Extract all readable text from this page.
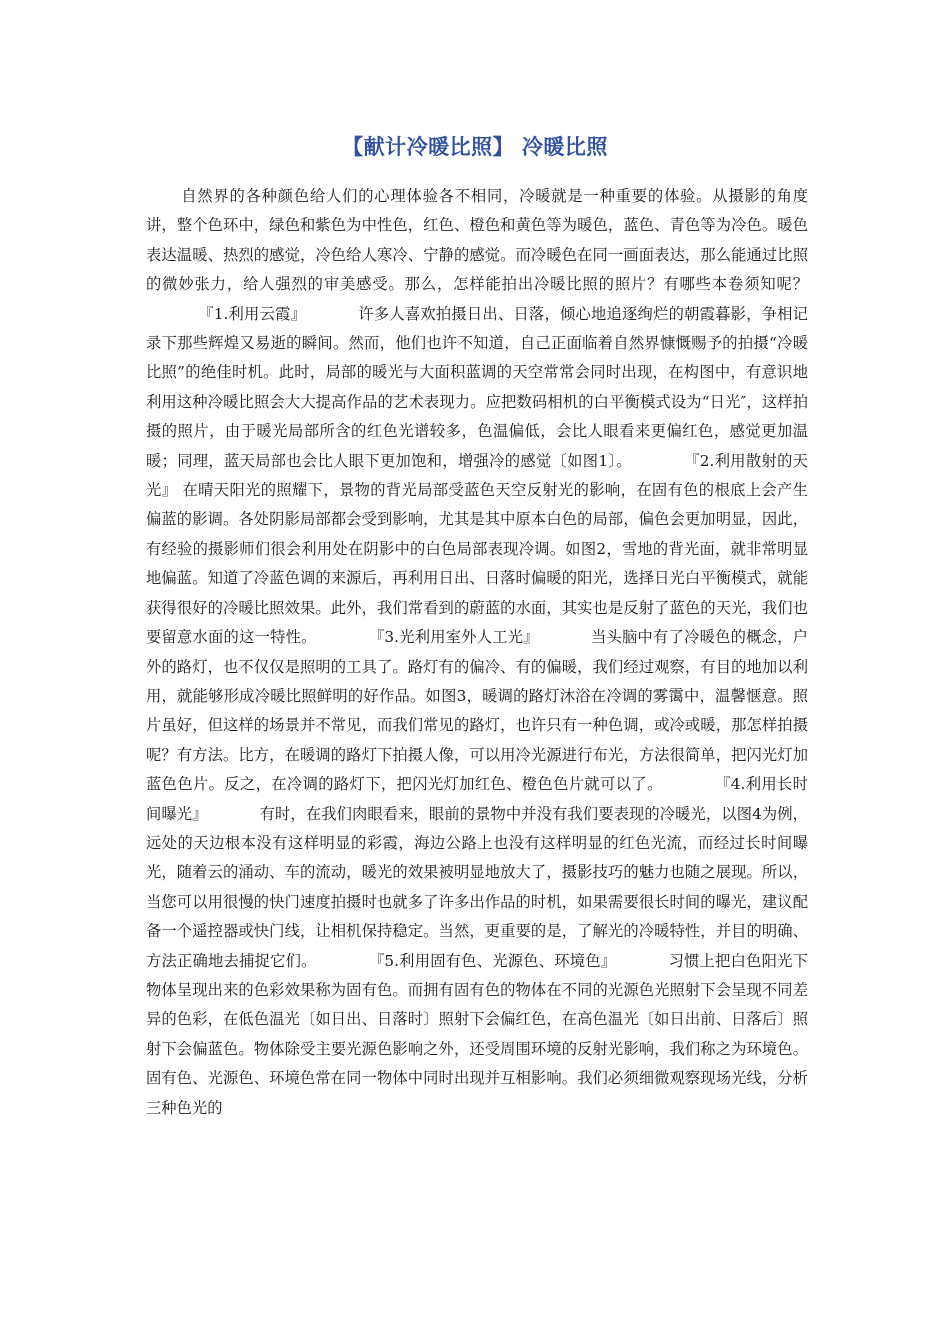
【献计冷暖比照】 冷暖比照

自然界的各种颜色给人们的心理体验各不相同，冷暖就是一种重要的体验。从摄影的角度讲，整个色环中，绿色和紫色为中性色，红色、橙色和黄色等为暖色，蓝色、青色等为冷色。暖色表达温暖、热烈的感觉，冷色给人寒冷、宁静的感觉。而冷暖色在同一画面表达，那么能通过比照的微妙张力，给人强烈的审美感受。那么，怎样能拍出冷暖比照的照片？有哪些本卷须知呢？『1.利用云霞』	许多人喜欢拍摄日出、日落，倾心地追逐绚烂的朝霞暮影，争相记录下那些辉煌又易逝的瞬间。然而，他们也许不知道，自己正面临着自然界慷慨赐予的拍摄“冷暖比照”的绝佳时机。此时，局部的暖光与大面积蓝调的天空常常会同时出现，在构图中，有意识地利用这种冷暖比照会大大提高作品的艺术表现力。应把数码相机的白平衡模式设为“日光″，这样拍摄的照片，由于暖光局部所含的红色光谱较多，色温偏低，会比人眼看来更偏红色，感觉更加温暖；同理，蓝天局部也会比人眼下更加饱和，增强冷的感觉〔如图1〕。	『2.利用散射的天光』 在晴天阳光的照耀下，景物的背光局部受蓝色天空反射光的影响，在固有色的根底上会产生偏蓝的影调。各处阴影局部都会受到影响，尤其是其中原本白色的局部，偏色会更加明显，因此，有经验的摄影师们很会利用处在阴影中的白色局部表现冷调。如图2，雪地的背光面，就非常明显地偏蓝。知道了冷蓝色调的来源后，再利用日出、日落时偏暖的阳光，选择日光白平衡模式，就能获得很好的冷暖比照效果。此外，我们常看到的蔚蓝的水面，其实也是反射了蓝色的天光，我们也要留意水面的这一特性。	『3.光利用室外人工光』	当头脑中有了冷暖色的概念，户外的路灯，也不仅仅是照明的工具了。路灯有的偏冷、有的偏暖，我们经过观察，有目的地加以利用，就能够形成冷暖比照鲜明的好作品。如图3，暖调的路灯沐浴在冷调的雾霭中，温馨惬意。照片虽好，但这样的场景并不常见，而我们常见的路灯，也许只有一种色调，或冷或暖，那怎样拍摄呢？有方法。比方，在暖调的路灯下拍摄人像，可以用冷光源进行布光，方法很简单，把闪光灯加蓝色色片。反之，在冷调的路灯下，把闪光灯加红色、橙色色片就可以了。	『4.利用长时间曝光』	有时，在我们肉眼看来，眼前的景物中并没有我们要表现的冷暖光，以图4为例，远处的天边根本没有这样明显的彩霞，海边公路上也没有这样明显的红色光流，而经过长时间曝光，随着云的涌动、车的流动，暖光的效果被明显地放大了，摄影技巧的魅力也随之展现。所以，当您可以用很慢的快门速度拍摄时也就多了许多出作品的时机，如果需要很长时间的曝光，建议配备一个遥控器或快门线，让相机保持稳定。当然，更重要的是，了解光的冷暖特性，并目的明确、方法正确地去捕捉它们。	『5.利用固有色、光源色、环境色』	习惯上把白色阳光下物体呈现出来的色彩效果称为固有色。而拥有固有色的物体在不同的光源色光照射下会呈现不同差异的色彩，在低色温光〔如日出、日落时〕照射下会偏红色，在高色温光〔如日出前、日落后〕照射下会偏蓝色。物体除受主要光源色影响之外，还受周围环境的反射光影响，我们称之为环境色。固有色、光源色、环境色常在同一物体中同时出现并互相影响。我们必须细微观察现场光线，分析三种色光的
